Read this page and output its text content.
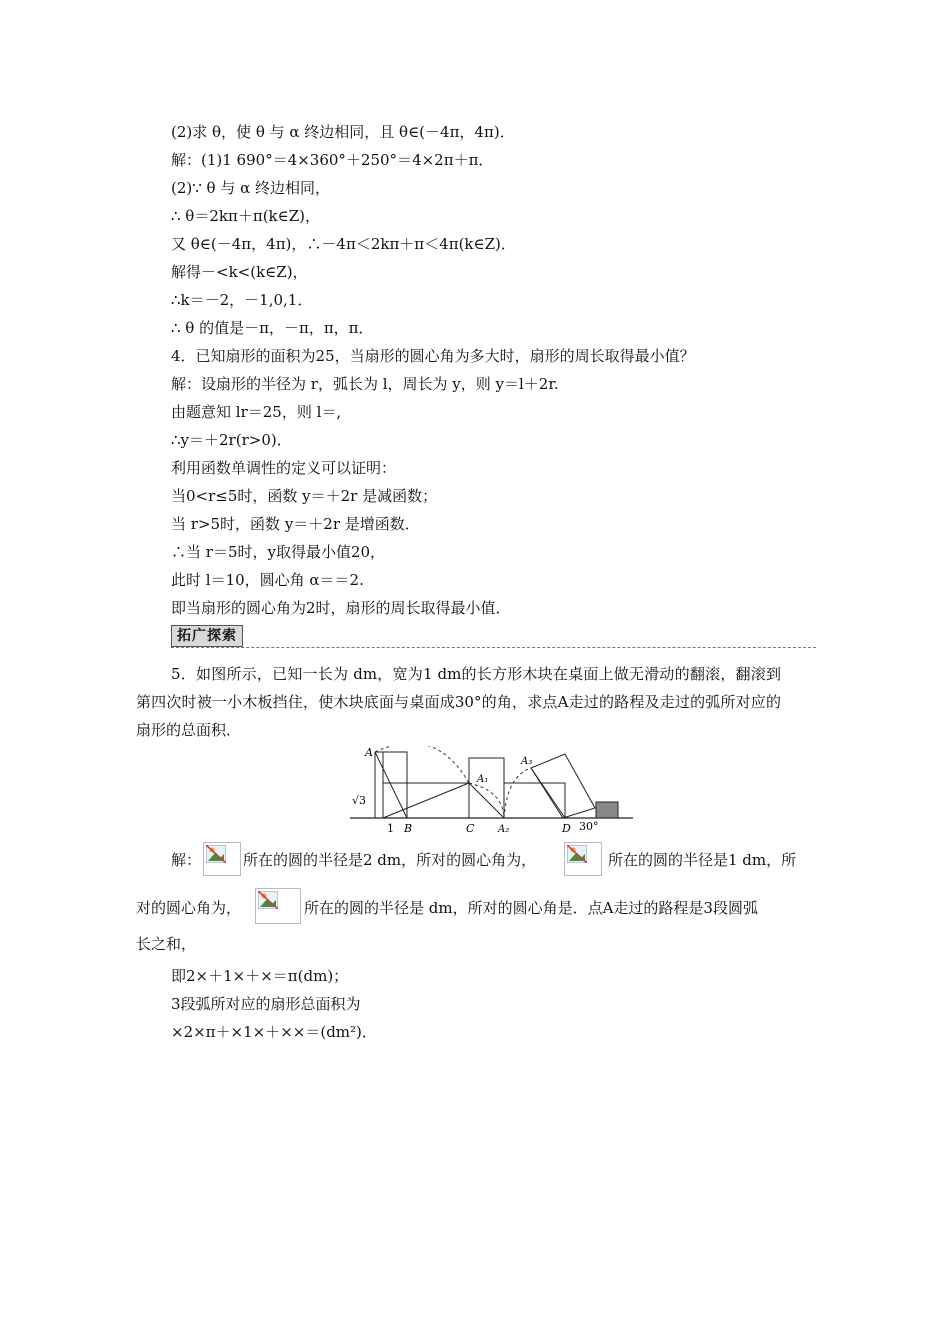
(2)求 θ，使 θ 与 α 终边相同，且 θ∈(－4π，4π)．
解：(1)1 690°＝4×360°＋250°＝4×2π＋π．
(2)∵ θ 与 α 终边相同，
∴ θ＝2kπ＋π(k∈Z)，
又 θ∈(－4π，4π)，∴－4π＜2kπ＋π＜4π(k∈Z)．
解得－<k<(k∈Z)，
∴k＝－2，－1,0,1．
∴ θ 的值是－π，－π，π，π．
4．已知扇形的面积为25，当扇形的圆心角为多大时，扇形的周长取得最小值？
解：设扇形的半径为 r，弧长为 l，周长为 y，则 y＝l＋2r.
由题意知 lr＝25，则 l＝,
∴y＝＋2r(r>0)．
利用函数单调性的定义可以证明：
当0<r≤5时，函数 y＝＋2r 是减函数；
当 r>5时，函数 y＝＋2r 是增函数．
∴当 r＝5时，y取得最小值20，
此时 l＝10，圆心角 α＝＝2.
即当扇形的圆心角为2时，扇形的周长取得最小值．
拓广探索
5．如图所示，已知一长为 dm，宽为1 dm的长方形木块在桌面上做无滑动的翻滚，翻滚到第四次时被一小木板挡住，使木块底面与桌面成30°的角，求点A走过的路程及走过的弧所对应的扇形的总面积．
A
A₁
A₂
A₃
B	C	D
1
√3
30°
解：	所在的圆的半径是2 dm，所对的圆心角为，	所在的圆的半径是1 dm，所
对的圆心角为，	所在的圆的半径是 dm，所对的圆心角是．点A走过的路程是3段圆弧
长之和，
即2×＋1×＋×＝π(dm)；
3段弧所对应的扇形总面积为
×2×π＋×1×＋××＝(dm²)．
